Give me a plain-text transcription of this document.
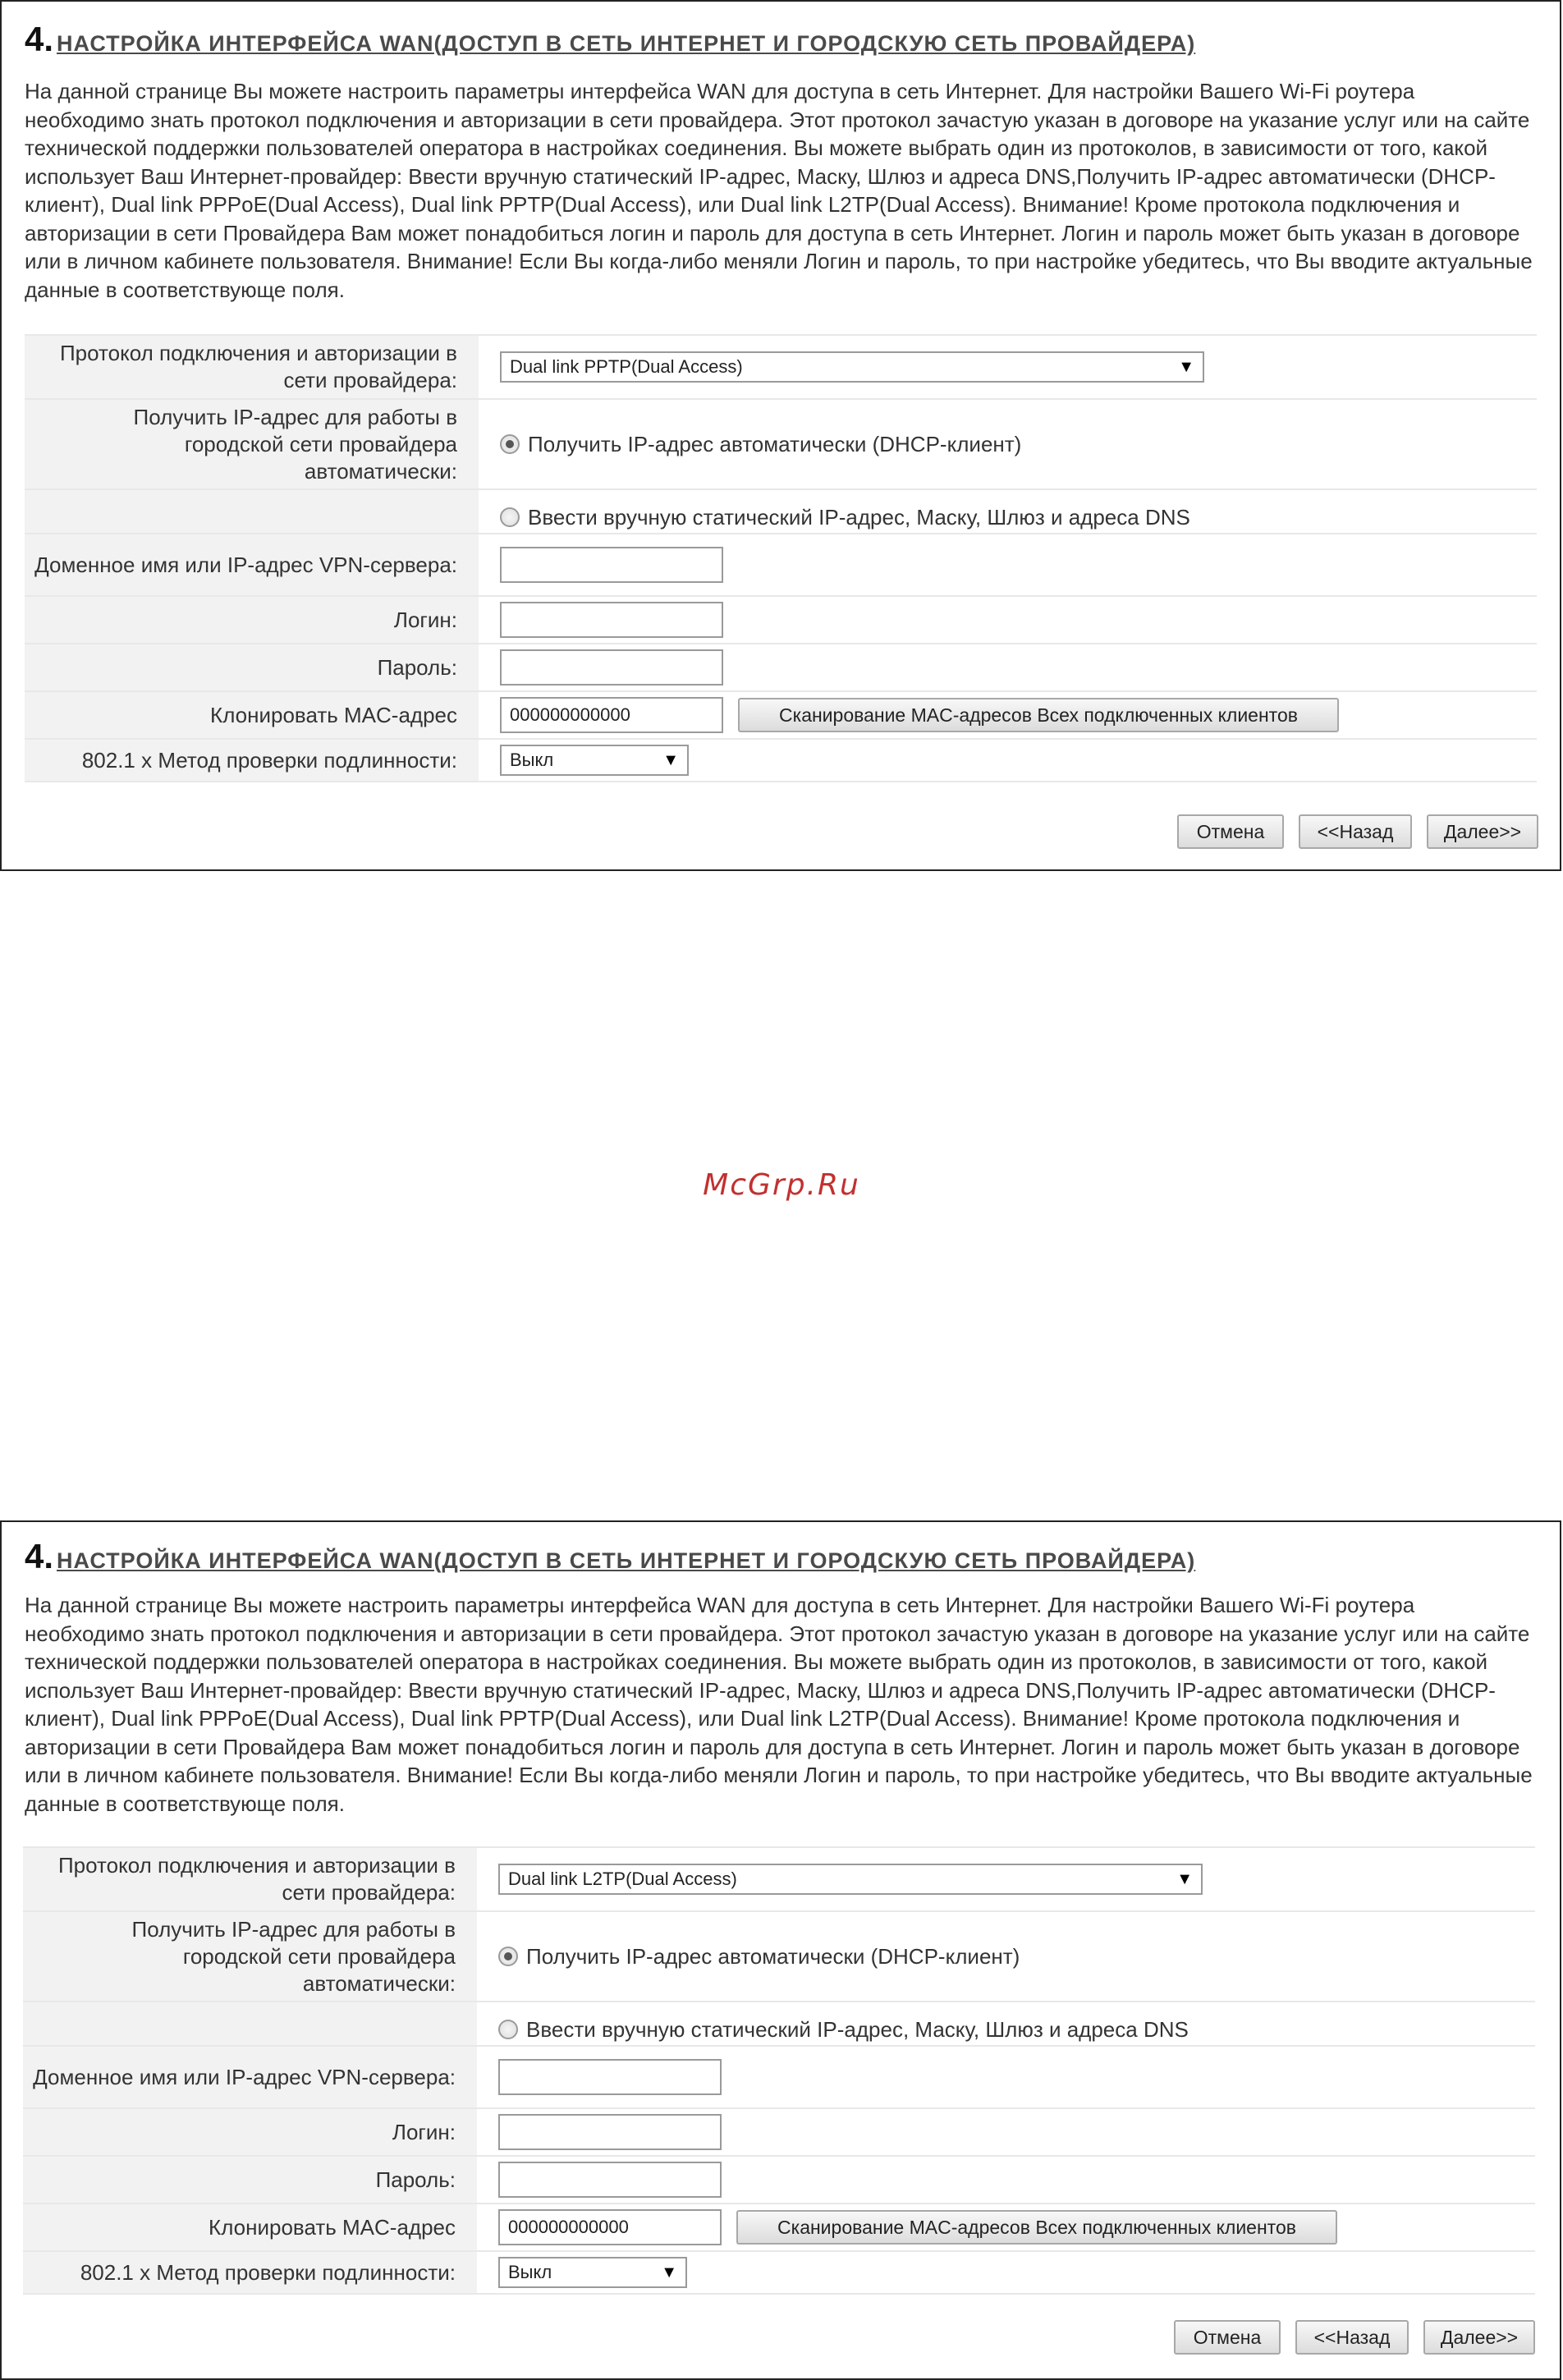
4. НАСТРОЙКА ИНТЕРФЕЙСА WAN(ДОСТУП В СЕТЬ ИНТЕРНЕТ И ГОРОДСКУЮ СЕТЬ ПРОВАЙДЕРА)
На данной странице Вы можете настроить параметры интерфейса WAN для доступа в сеть Интернет. Для настройки Вашего Wi-Fi роутера необходимо знать протокол подключения и авторизации в сети провайдера. Этот протокол зачастую указан в договоре на указание услуг или на сайте технической поддержки пользователей оператора в настройках соединения. Вы можете выбрать один из протоколов, в зависимости от того, какой использует Ваш Интернет-провайдер: Ввести вручную статический IP-адрес, Маску, Шлюз и адреса DNS,Получить IP-адрес автоматически (DHCP-клиент), Dual link PPPoE(Dual Access), Dual link PPTP(Dual Access), или Dual link L2TP(Dual Access). Внимание! Кроме протокола подключения и авторизации в сети Провайдера Вам может понадобиться логин и пароль для доступа в сеть Интернет. Логин и пароль может быть указан в договоре или в личном кабинете пользователя. Внимание! Если Вы когда-либо меняли Логин и пароль, то при настройке убедитесь, что Вы вводите актуальные данные в соответствующе поля.
Протокол подключения и авторизации в сети провайдера:
Dual link PPTP(Dual Access)	▼
Получить IP-адрес для работы в городской сети провайдера автоматически:
Получить IP-адрес автоматически (DHCP-клиент)
Ввести вручную статический IP-адрес, Маску, Шлюз и адреса DNS
Доменное имя или IP-адрес VPN-сервера:
Логин:
Пароль:
Клонировать MAC-адрес	000000000000	Сканирование MAC-адресов Всех подключенных клиентов
802.1 x Метод проверки подлинности:	Выкл	▼
Отмена	<<Назад	Далее>>
McGrp.Ru
4. НАСТРОЙКА ИНТЕРФЕЙСА WAN(ДОСТУП В СЕТЬ ИНТЕРНЕТ И ГОРОДСКУЮ СЕТЬ ПРОВАЙДЕРА)
На данной странице Вы можете настроить параметры интерфейса WAN для доступа в сеть Интернет. Для настройки Вашего Wi-Fi роутера необходимо знать протокол подключения и авторизации в сети провайдера. Этот протокол зачастую указан в договоре на указание услуг или на сайте технической поддержки пользователей оператора в настройках соединения. Вы можете выбрать один из протоколов, в зависимости от того, какой использует Ваш Интернет-провайдер: Ввести вручную статический IP-адрес, Маску, Шлюз и адреса DNS,Получить IP-адрес автоматически (DHCP-клиент), Dual link PPPoE(Dual Access), Dual link PPTP(Dual Access), или Dual link L2TP(Dual Access). Внимание! Кроме протокола подключения и авторизации в сети Провайдера Вам может понадобиться логин и пароль для доступа в сеть Интернет. Логин и пароль может быть указан в договоре или в личном кабинете пользователя. Внимание! Если Вы когда-либо меняли Логин и пароль, то при настройке убедитесь, что Вы вводите актуальные данные в соответствующе поля.
Протокол подключения и авторизации в сети провайдера:
Dual link L2TP(Dual Access)	▼
Получить IP-адрес для работы в городской сети провайдера автоматически:
Получить IP-адрес автоматически (DHCP-клиент)
Ввести вручную статический IP-адрес, Маску, Шлюз и адреса DNS
Доменное имя или IP-адрес VPN-сервера:
Логин:
Пароль:
Клонировать MAC-адрес	000000000000	Сканирование MAC-адресов Всех подключенных клиентов
802.1 x Метод проверки подлинности:	Выкл	▼
Отмена	<<Назад	Далее>>
